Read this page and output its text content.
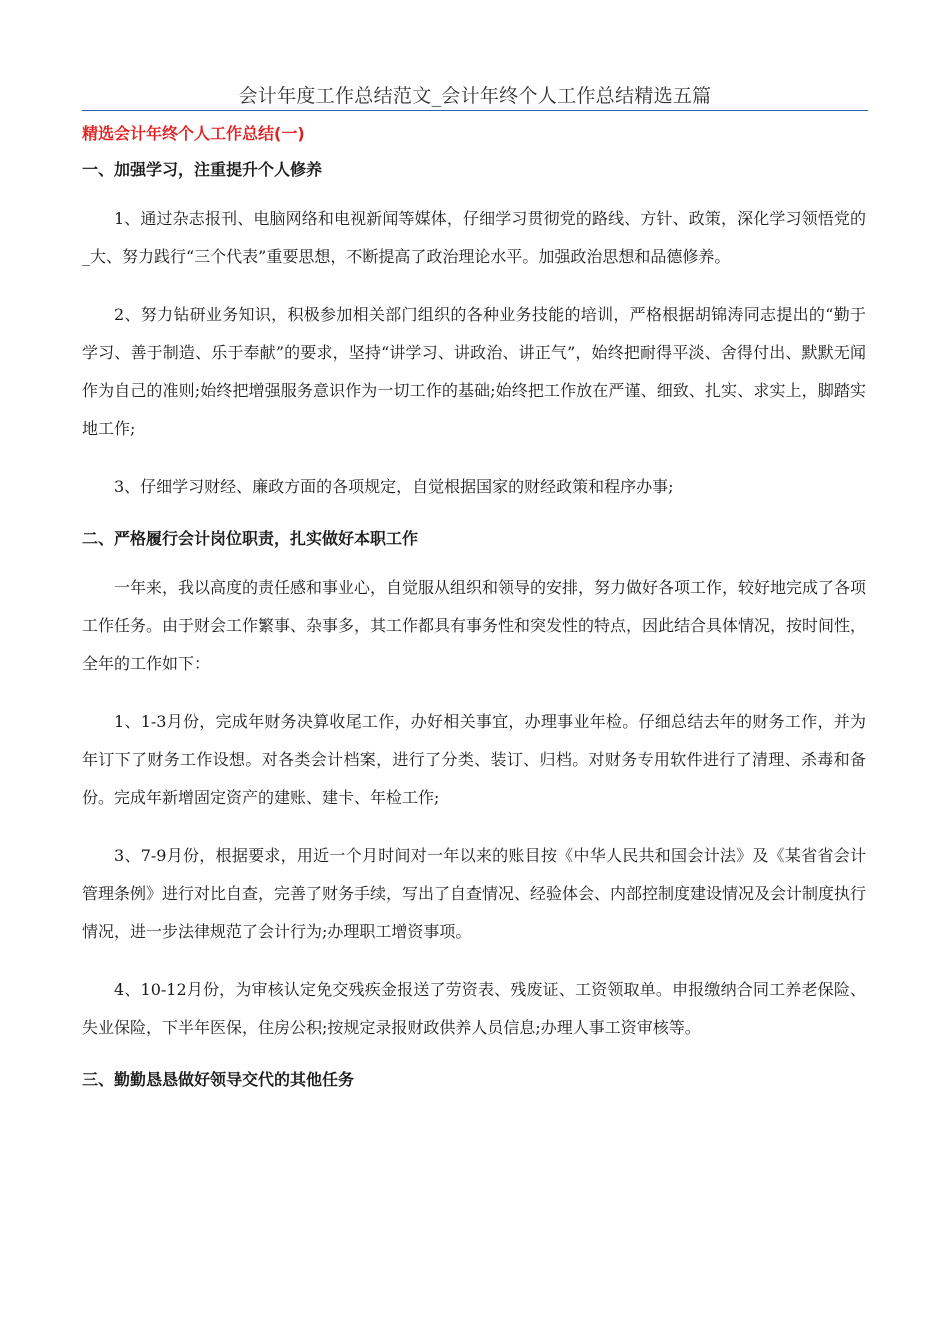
会计年度工作总结范文_会计年终个人工作总结精选五篇
精选会计年终个人工作总结(一)
一、加强学习，注重提升个人修养

1、通过杂志报刊、电脑网络和电视新闻等媒体，仔细学习贯彻党的路线、方针、政策，深化学习领悟党的_大、努力践行“三个代表”重要思想，不断提高了政治理论水平。加强政治思想和品德修养。

2、努力钻研业务知识，积极参加相关部门组织的各种业务技能的培训，严格根据胡锦涛同志提出的“勤于学习、善于制造、乐于奉献”的要求，坚持“讲学习、讲政治、讲正气”，始终把耐得平淡、舍得付出、默默无闻作为自己的准则;始终把增强服务意识作为一切工作的基础;始终把工作放在严谨、细致、扎实、求实上，脚踏实地工作;

3、仔细学习财经、廉政方面的各项规定，自觉根据国家的财经政策和程序办事;

二、严格履行会计岗位职责，扎实做好本职工作

一年来，我以高度的责任感和事业心，自觉服从组织和领导的安排，努力做好各项工作，较好地完成了各项工作任务。由于财会工作繁事、杂事多，其工作都具有事务性和突发性的特点，因此结合具体情况，按时间性，全年的工作如下：

1、1-3月份，完成年财务决算收尾工作，办好相关事宜，办理事业年检。仔细总结去年的财务工作，并为年订下了财务工作设想。对各类会计档案，进行了分类、装订、归档。对财务专用软件进行了清理、杀毒和备份。完成年新增固定资产的建账、建卡、年检工作;

3、7-9月份，根据要求，用近一个月时间对一年以来的账目按《中华人民共和国会计法》及《某省省会计管理条例》进行对比自查，完善了财务手续，写出了自查情况、经验体会、内部控制度建设情况及会计制度执行情况，进一步法律规范了会计行为;办理职工增资事项。

4、10-12月份，为审核认定免交残疾金报送了劳资表、残废证、工资领取单。申报缴纳合同工养老保险、失业保险，下半年医保，住房公积;按规定录报财政供养人员信息;办理人事工资审核等。

三、勤勤恳恳做好领导交代的其他任务
